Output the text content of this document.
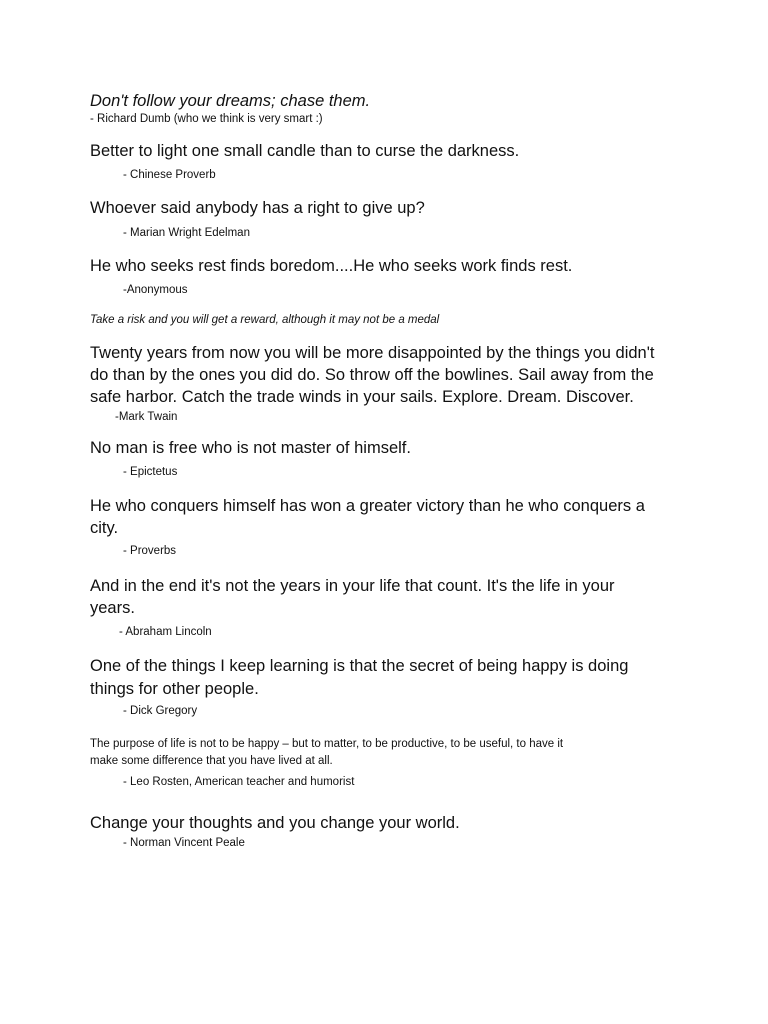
Don't follow your dreams; chase them.

- Richard Dumb (who we think is very smart :)

Better to light one small candle than to curse the darkness.

- Chinese Proverb

Whoever said anybody has a right to give up?

- Marian Wright Edelman

He who seeks rest finds boredom....He who seeks work finds rest.

-Anonymous

Take a risk and you will get a reward, although it may not be a medal

Twenty years from now you will be more disappointed by the things you didn't

do than by the ones you did do. So throw off the bowlines. Sail away from the

safe harbor. Catch the trade winds in your sails. Explore. Dream. Discover.

-Mark Twain

No man is free who is not master of himself.

- Epictetus

He who conquers himself has won a greater victory than he who conquers a

city.

- Proverbs

And in the end it's not the years in your life that count. It's the life in your

years.

- Abraham Lincoln

One of the things I keep learning is that the secret of being happy is doing

things for other people.

- Dick Gregory

The purpose of life is not to be happy – but to matter, to be productive, to be useful, to have it

make some difference that you have lived at all.

- Leo Rosten, American teacher and humorist

Change your thoughts and you change your world.

- Norman Vincent Peale
